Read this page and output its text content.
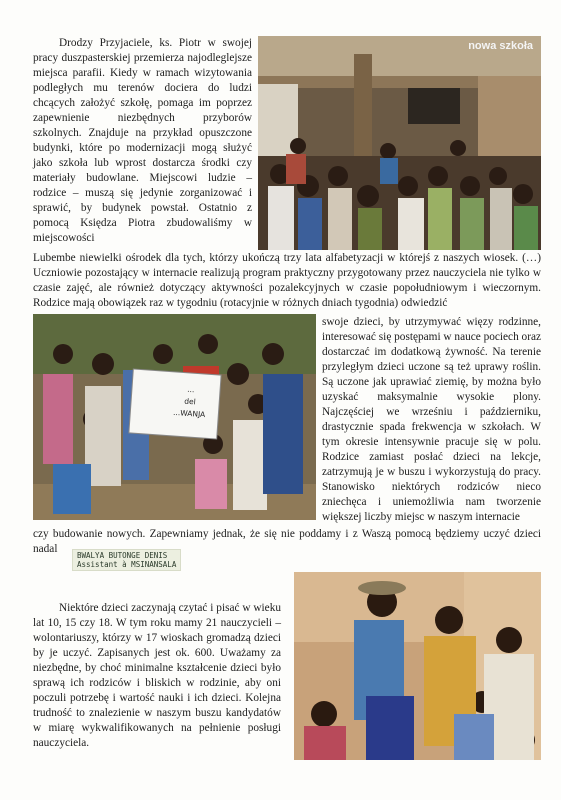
Drodzy Przyjaciele, ks. Piotr w swojej pracy duszpasterskiej przemierza najodleglejsze miejsca parafii. Kiedy w ramach wizytowania podległych mu terenów dociera do ludzi chcących założyć szkołę, pomaga im poprzez zapewnienie niezbędnych przyborów szkolnych. Znajduje na przykład opuszczone budynki, które po modernizacji mogą służyć jako szkoła lub wprost dostarcza środki czy materiały budowlane. Miejscowi ludzie – rodzice – muszą się jedynie zorganizować i sprawić, by budynek powstał. Ostatnio z pomocą Księdza Piotra zbudowaliśmy w miejscowości

nowa szkoła

Lubembe niewielki ośrodek dla tych, którzy ukończą trzy lata alfabetyzacji w którejś z naszych wiosek. (…) Uczniowie pozostający w internacie realizują program praktyczny przygotowany przez nauczyciela nie tylko w czasie zajęć, ale również dotyczący aktywności pozalekcyjnych w czasie popołudniowym i wieczornym. Rodzice mają obowiązek raz w tygodniu (rotacyjnie w różnych dniach tygodnia) odwiedzić

...
del
...WANJA

swoje dzieci, by utrzymywać więzy rodzinne, interesować się postępami w nauce pociech oraz dostarczać im dodatkową żywność. Na terenie przyległym dzieci uczone są też uprawy roślin. Są uczone jak uprawiać ziemię, by można było uzyskać maksymalnie wysokie plony. Najczęściej we wrześniu i październiku, drastycznie spada frekwencja w szkołach. W tym okresie intensywnie pracuje się w polu. Rodzice zamiast posłać dzieci na lekcje, zatrzymują je w buszu i wykorzystują do pracy. Stanowisko niektórych rodziców nieco zniechęca i uniemożliwia nam tworzenie większej liczby miejsc w naszym internacie

czy budowanie nowych. Zapewniamy jednak, że się nie poddamy i z Waszą pomocą będziemy uczyć dzieci nadal

BWALYA BUTONGE DENIS
Assistant à MSINANSALA

Niektóre dzieci zaczynają czytać i pisać w wieku lat 10, 15 czy 18. W tym roku mamy 21 nauczycieli – wolontariuszy, którzy w 17 wioskach gromadzą dzieci by je uczyć. Zapisanych jest ok. 600. Uważamy za niezbędne, by choć minimalne kształcenie dzieci było sprawą ich rodziców i bliskich w rodzinie, aby oni poczuli potrzebę i wartość nauki i ich dzieci. Kolejna trudność to znalezienie w naszym buszu kandydatów w miarę wykwalifikowanych na pełnienie posługi nauczyciela.
